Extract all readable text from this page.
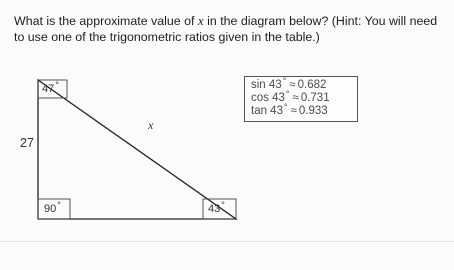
What is the approximate value of x in the diagram below? (Hint: You will need to use one of the trigonometric ratios given in the table.)

47°
90°	43°
27
x
sin 43° ≈ 0.682
cos 43° ≈ 0.731
tan 43° ≈ 0.933
